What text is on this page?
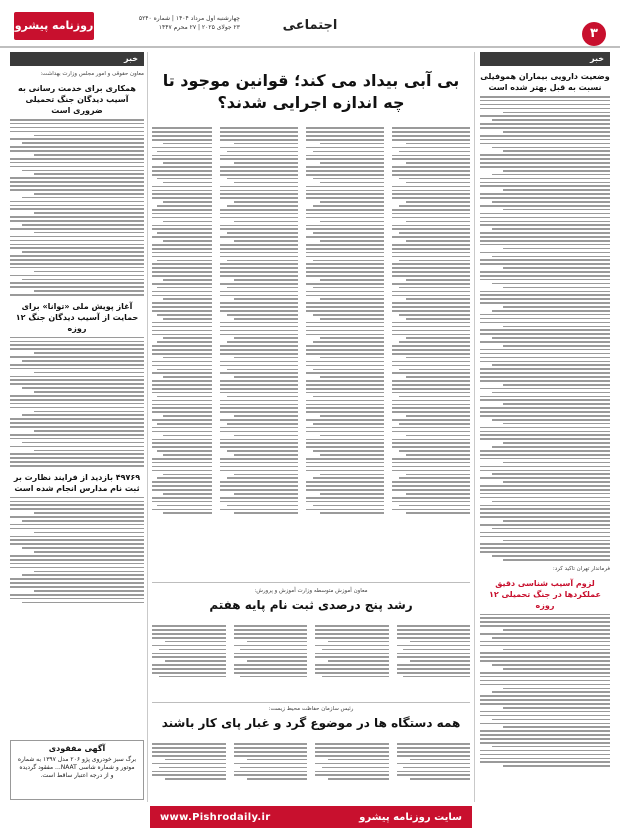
۳
اجتماعی
چهارشنبه اول مرداد ۱۴۰۴ | شماره ۵۲۴۰
۲۳ جولای ۲۰۲۵ | ۲۷ محرم ۱۴۴۷
روزنامه پیشرو
خبر
وضعیت دارویی بیماران هموفیلی نسبت به قبل بهتر شده است
فرماندار تهران تاکید کرد:
لزوم آسیب شناسی دقیق عملکردها در جنگ تحمیلی ۱۲ روزه
بی آبی بیداد می کند؛ قوانین موجود تا چه اندازه اجرایی شدند؟
معاون آموزش متوسطه وزارت آموزش و پرورش:
رشد پنج درصدی ثبت نام پایه هفتم
رئیس سازمان حفاظت محیط زیست:
همه دستگاه ها در موضوع گرد و غبار پای کار باشند
خبر
معاون حقوقی و امور مجلس وزارت بهداشت:
همکاری برای خدمت رسانی به آسیب دیدگان جنگ تحمیلی ضروری است
آغاز پویش ملی «توانا» برای حمایت از آسیب دیدگان جنگ ۱۲ روزه
۴۹۷۶۹ بازدید از فرایند نظارت بر ثبت نام مدارس انجام شده است
آگهی مفقودی
برگ سبز خودروی پژو ۲۰۶ مدل ۱۳۹۷ به شماره موتور و شماره شاسی NAAT... مفقود گردیده و از درجه اعتبار ساقط است.
سایت روزنامه پیشرو
www.Pishrodaily.ir
